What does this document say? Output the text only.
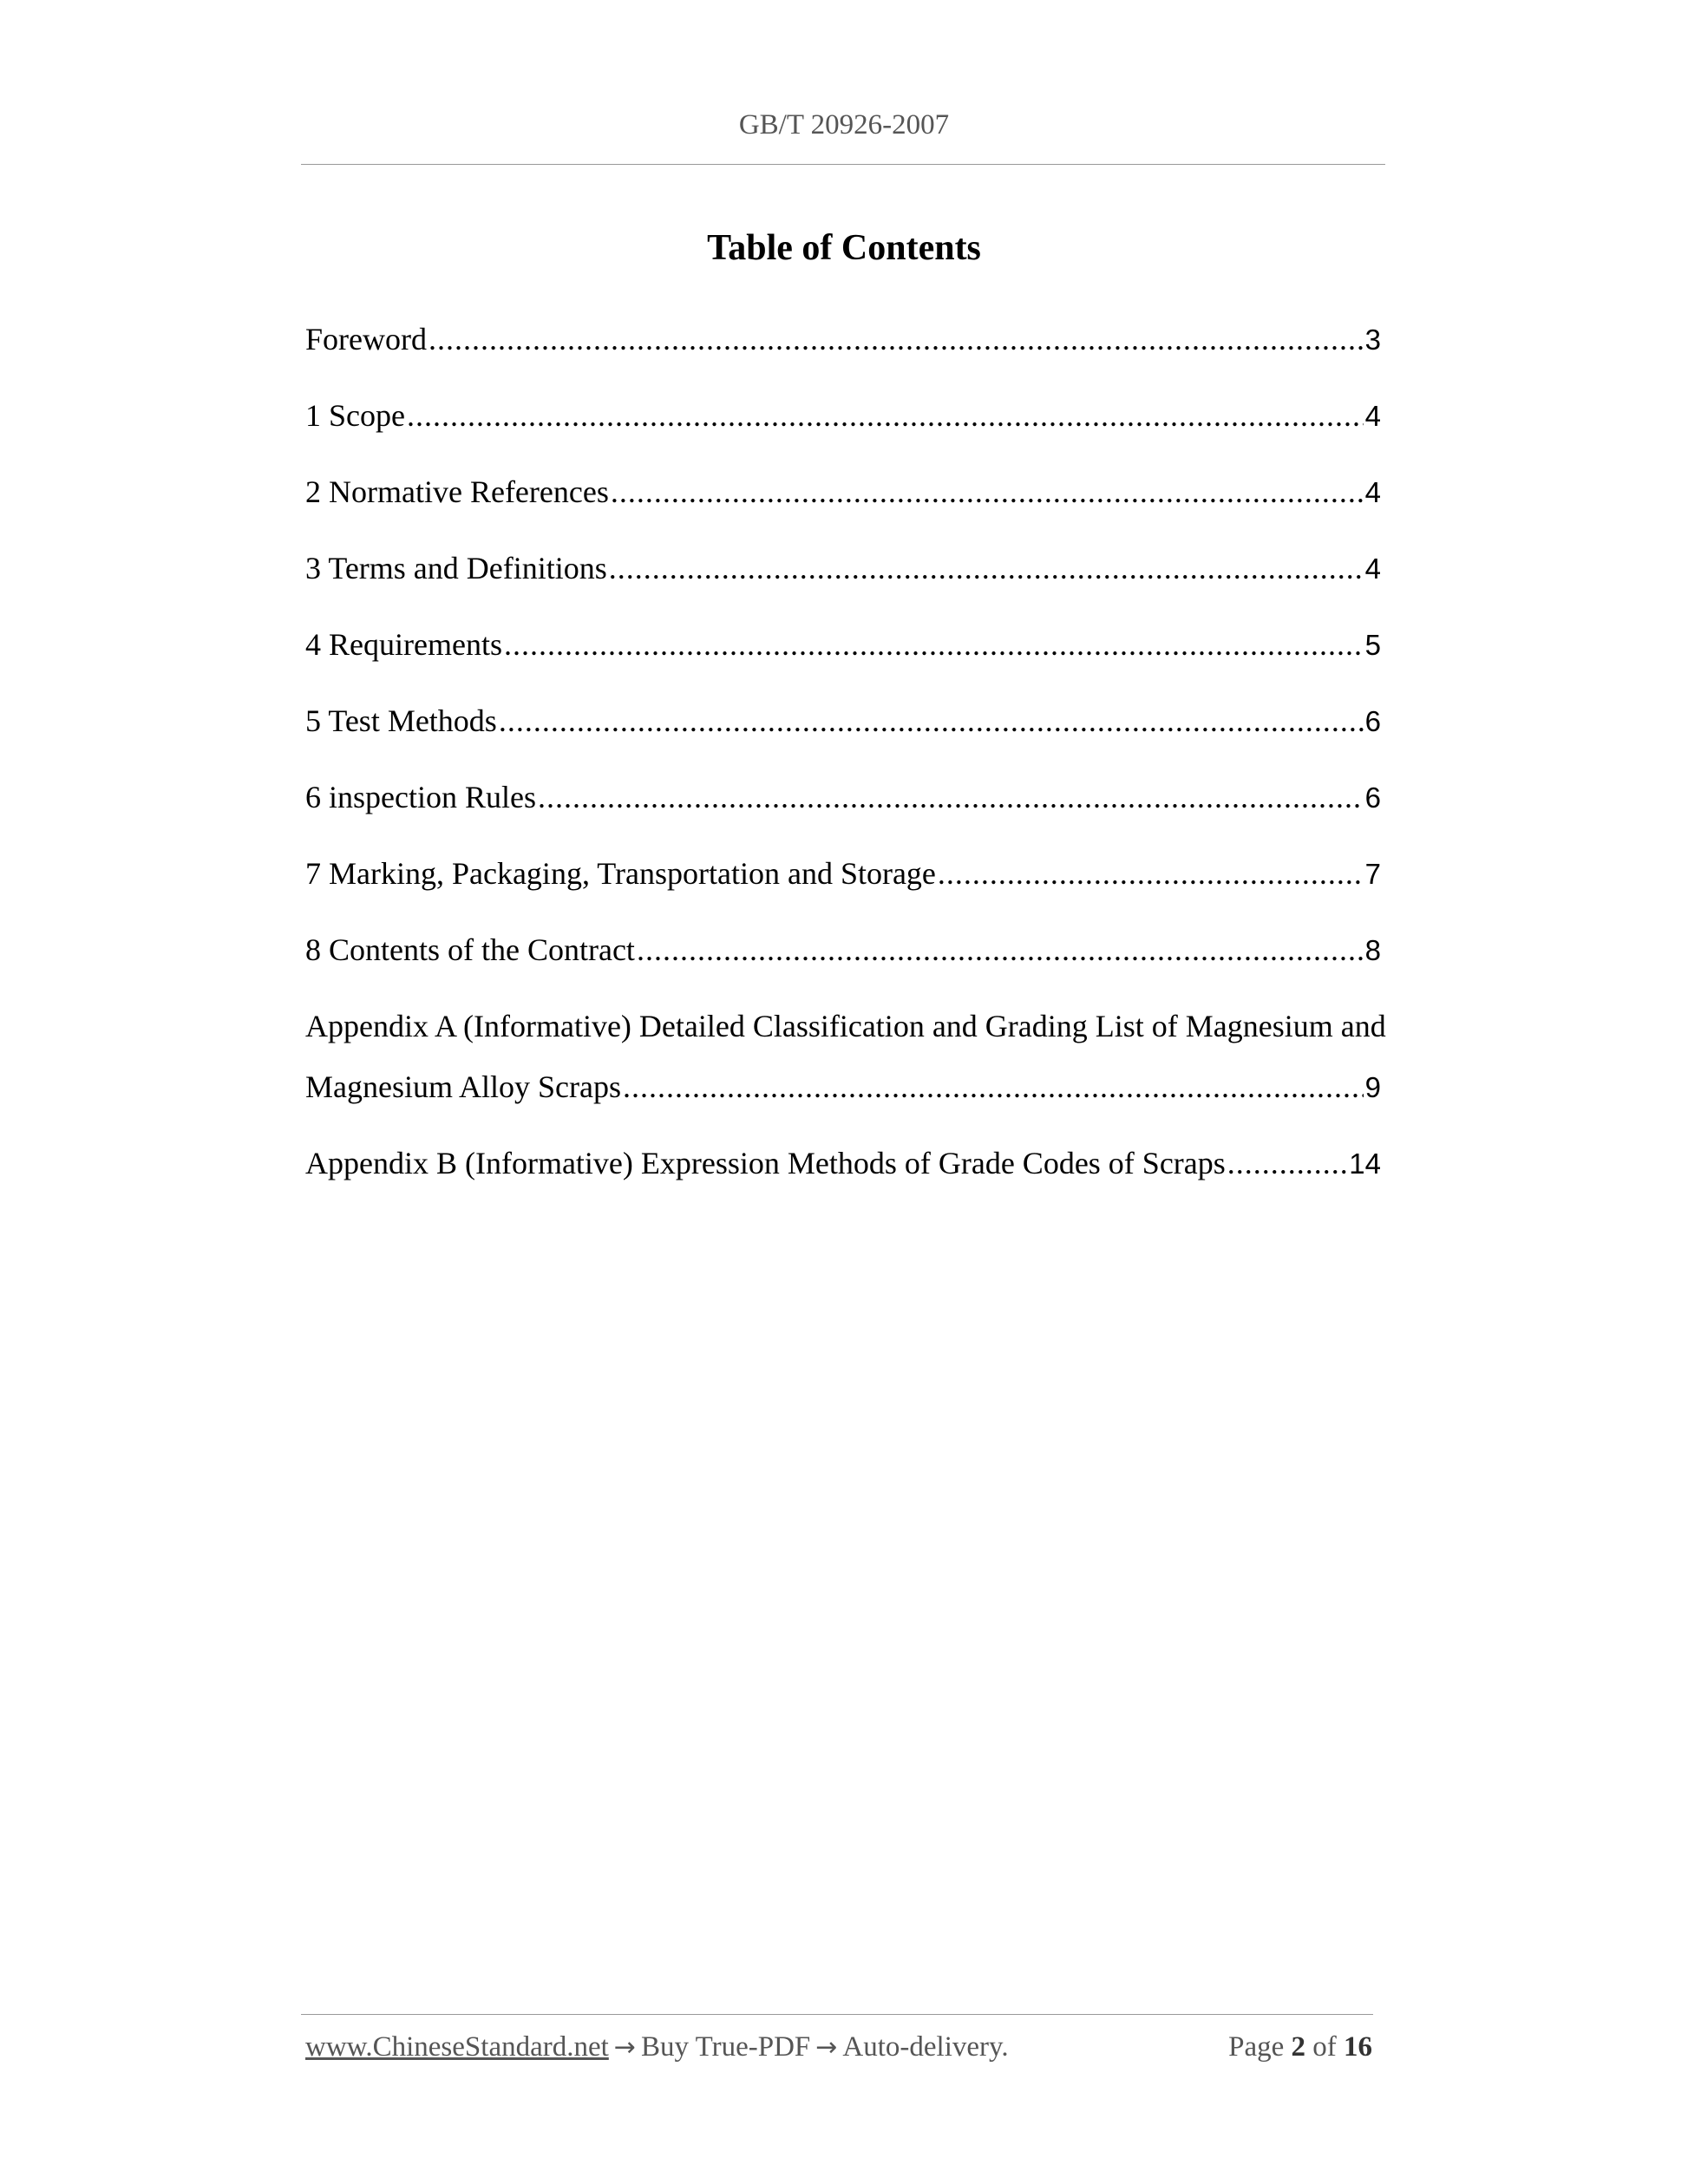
GB/T 20926-2007
Table of Contents
Foreword .....	3
1 Scope .....	4
2 Normative References .....	4
3 Terms and Definitions .....	4
4 Requirements .....	5
5 Test Methods .....	6
6 inspection Rules .....	6
7 Marking, Packaging, Transportation and Storage .....	7
8 Contents of the Contract .....	8
Appendix A (Informative) Detailed Classification and Grading List of Magnesium and
Magnesium Alloy Scraps .....	9
Appendix B (Informative) Expression Methods of Grade Codes of Scraps .....	14
www.ChineseStandard.net → Buy True-PDF → Auto-delivery.	Page 2 of 16
